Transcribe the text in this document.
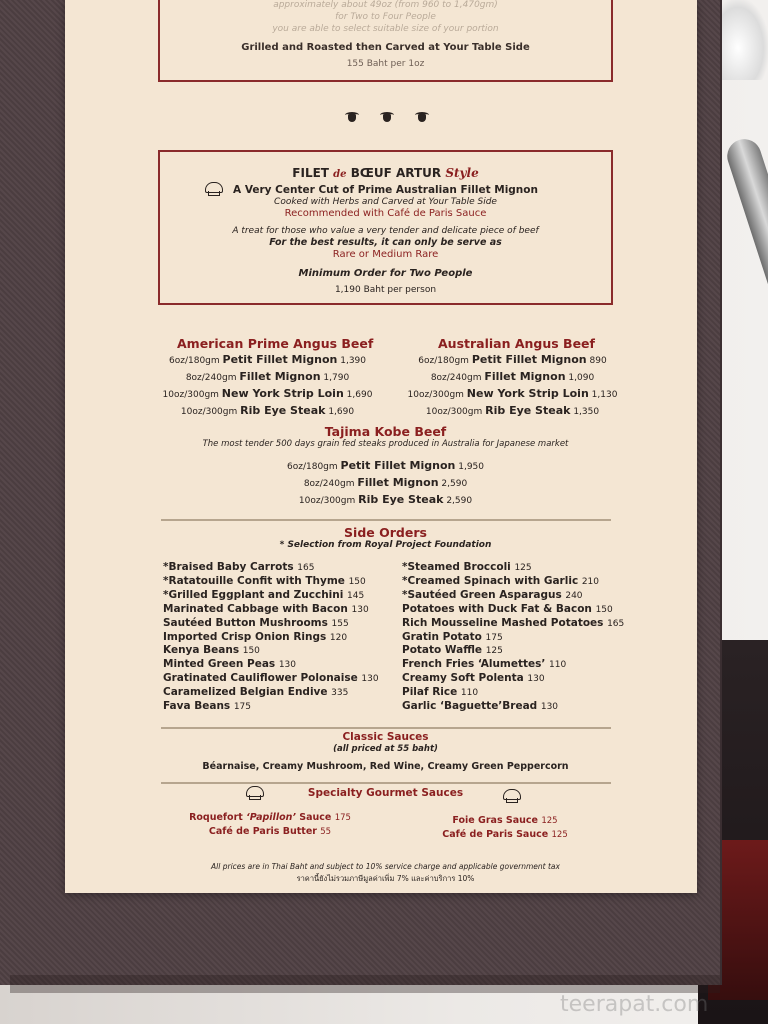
teerapat.com
approximately about 49oz (from 960 to 1,470gm)
for Two to Four People
you are able to select suitable size of your portion
Grilled and Roasted then Carved at Your Table Side
155 Baht per 1oz
FILET de BŒUF ARTUR Style
A Very Center Cut of Prime Australian Fillet Mignon
Cooked with Herbs and Carved at Your Table Side
Recommended with Café de Paris Sauce
A treat for those who value a very tender and delicate piece of beef
For the best results, it can only be serve as
Rare or Medium Rare
Minimum Order for Two People
1,190 Baht per person
American Prime Angus Beef
6oz/180gm Petit Fillet Mignon 1,390
8oz/240gm Fillet Mignon 1,790
10oz/300gm New York Strip Loin 1,690
10oz/300gm Rib Eye Steak 1,690
Australian Angus Beef
6oz/180gm Petit Fillet Mignon 890
8oz/240gm Fillet Mignon 1,090
10oz/300gm New York Strip Loin 1,130
10oz/300gm Rib Eye Steak 1,350
Tajima Kobe Beef
The most tender 500 days grain fed steaks produced in Australia for Japanese market
6oz/180gm Petit Fillet Mignon 1,950
8oz/240gm Fillet Mignon 2,590
10oz/300gm Rib Eye Steak 2,590
Side Orders
* Selection from Royal Project Foundation
*Braised Baby Carrots 165
*Ratatouille Confit with Thyme 150
*Grilled Eggplant and Zucchini 145
Marinated Cabbage with Bacon 130
Sautéed Button Mushrooms 155
Imported Crisp Onion Rings 120
Kenya Beans 150
Minted Green Peas 130
Gratinated Cauliflower Polonaise 130
Caramelized Belgian Endive 335
Fava Beans 175
*Steamed Broccoli 125
*Creamed Spinach with Garlic 210
*Sautéed Green Asparagus 240
Potatoes with Duck Fat & Bacon 150
Rich Mousseline Mashed Potatoes 165
Gratin Potato 175
Potato Waffle 125
French Fries ‘Alumettes’ 110
Creamy Soft Polenta 130
Pilaf Rice 110
Garlic ‘Baguette’Bread 130
Classic Sauces
(all priced at 55 baht)
Béarnaise, Creamy Mushroom, Red Wine, Creamy Green Peppercorn
Specialty Gourmet Sauces
Roquefort ‘Papillon’ Sauce 175
Café de Paris Butter 55
Foie Gras Sauce 125
Café de Paris Sauce 125
All prices are in Thai Baht and subject to 10% service charge and applicable government tax
ราคานี้ยังไม่รวมภาษีมูลค่าเพิ่ม 7% และค่าบริการ 10%
